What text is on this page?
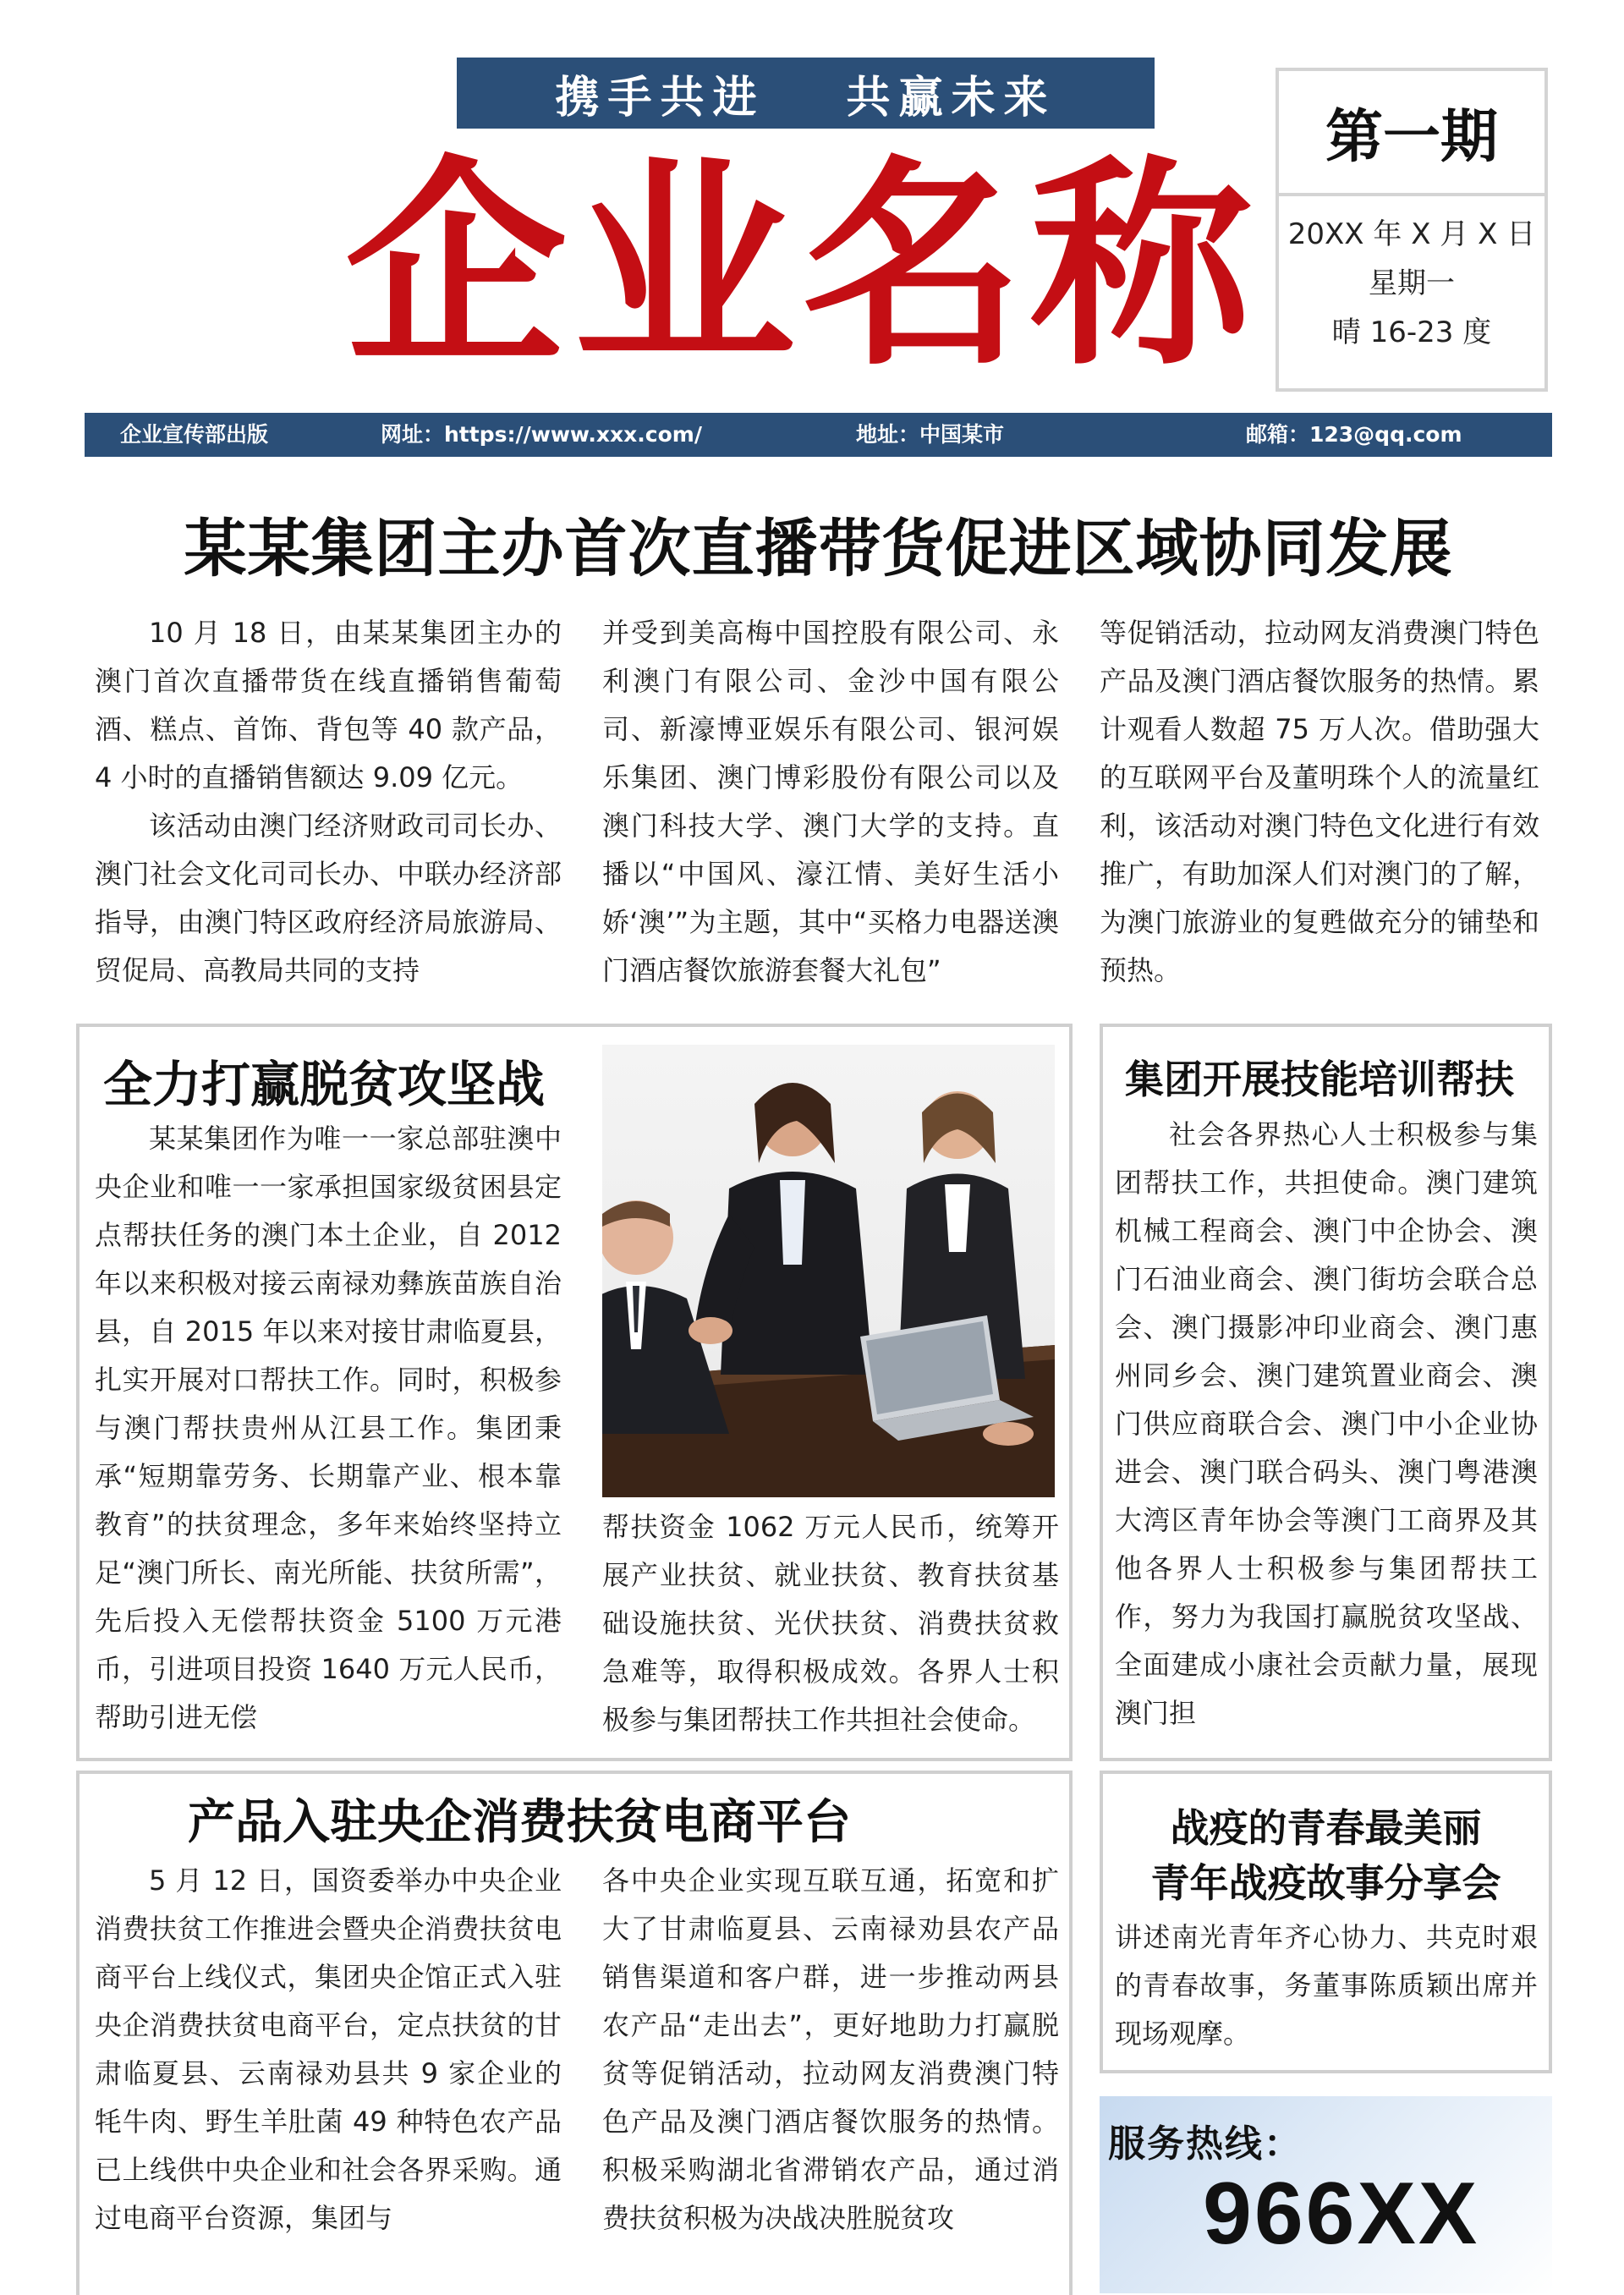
携手共进 共赢未来
企业名称	第一期
20XX 年 X 月 X 日
星期一
晴 16-23 度
企业宣传部出版	网址：https://www.xxx.com/	地址：中国某市	邮箱：123@qq.com
某某集团主办首次直播带货促进区域协同发展

10 月 18 日，由某某集团主办的澳门首次直播带货在线直播销售葡萄酒、糕点、首饰、背包等 40 款产品，4 小时的直播销售额达 9.09 亿元。

该活动由澳门经济财政司司长办、澳门社会文化司司长办、中联办经济部指导，由澳门特区政府经济局旅游局、贸促局、高教局共同的支持

并受到美高梅中国控股有限公司、永利澳门有限公司、金沙中国有限公司、新濠博亚娱乐有限公司、银河娱乐集团、澳门博彩股份有限公司以及澳门科技大学、澳门大学的支持。直播以“中国风、濠江情、美好生活小娇‘澳’”为主题，其中“买格力电器送澳门酒店餐饮旅游套餐大礼包”

等促销活动，拉动网友消费澳门特色产品及澳门酒店餐饮服务的热情。累计观看人数超 75 万人次。借助强大的互联网平台及董明珠个人的流量红利，该活动对澳门特色文化进行有效推广，有助加深人们对澳门的了解，为澳门旅游业的复甦做充分的铺垫和预热。

全力打赢脱贫攻坚战

某某集团作为唯一一家总部驻澳中央企业和唯一一家承担国家级贫困县定点帮扶任务的澳门本土企业，自 2012 年以来积极对接云南禄劝彝族苗族自治县，自 2015 年以来对接甘肃临夏县，扎实开展对口帮扶工作。同时，积极参与澳门帮扶贵州从江县工作。集团秉承“短期靠劳务、长期靠产业、根本靠教育”的扶贫理念，多年来始终坚持立足“澳门所长、南光所能、扶贫所需”，先后投入无偿帮扶资金 5100 万元港币，引进项目投资 1640 万元人民币，帮助引进无偿

帮扶资金 1062 万元人民币，统筹开展产业扶贫、就业扶贫、教育扶贫基础设施扶贫、光伏扶贫、消费扶贫救急难等，取得积极成效。各界人士积极参与集团帮扶工作共担社会使命。

集团开展技能培训帮扶

社会各界热心人士积极参与集团帮扶工作，共担使命。澳门建筑机械工程商会、澳门中企协会、澳门石油业商会、澳门街坊会联合总会、澳门摄影冲印业商会、澳门惠州同乡会、澳门建筑置业商会、澳门供应商联合会、澳门中小企业协进会、澳门联合码头、澳门粤港澳大湾区青年协会等澳门工商界及其他各界人士积极参与集团帮扶工作，努力为我国打赢脱贫攻坚战、全面建成小康社会贡献力量，展现澳门担

产品入驻央企消费扶贫电商平台

5 月 12 日，国资委举办中央企业消费扶贫工作推进会暨央企消费扶贫电商平台上线仪式，集团央企馆正式入驻央企消费扶贫电商平台，定点扶贫的甘肃临夏县、云南禄劝县共 9 家企业的牦牛肉、野生羊肚菌 49 种特色农产品已上线供中央企业和社会各界采购。通过电商平台资源，集团与

各中央企业实现互联互通，拓宽和扩大了甘肃临夏县、云南禄劝县农产品销售渠道和客户群，进一步推动两县农产品“走出去”，更好地助力打赢脱贫等促销活动，拉动网友消费澳门特色产品及澳门酒店餐饮服务的热情。积极采购湖北省滞销农产品，通过消费扶贫积极为决战决胜脱贫攻

战疫的青春最美丽
青年战疫故事分享会

讲述南光青年齐心协力、共克时艰的青春故事，务董事陈质颖出席并现场观摩。

服务热线：
966XX
